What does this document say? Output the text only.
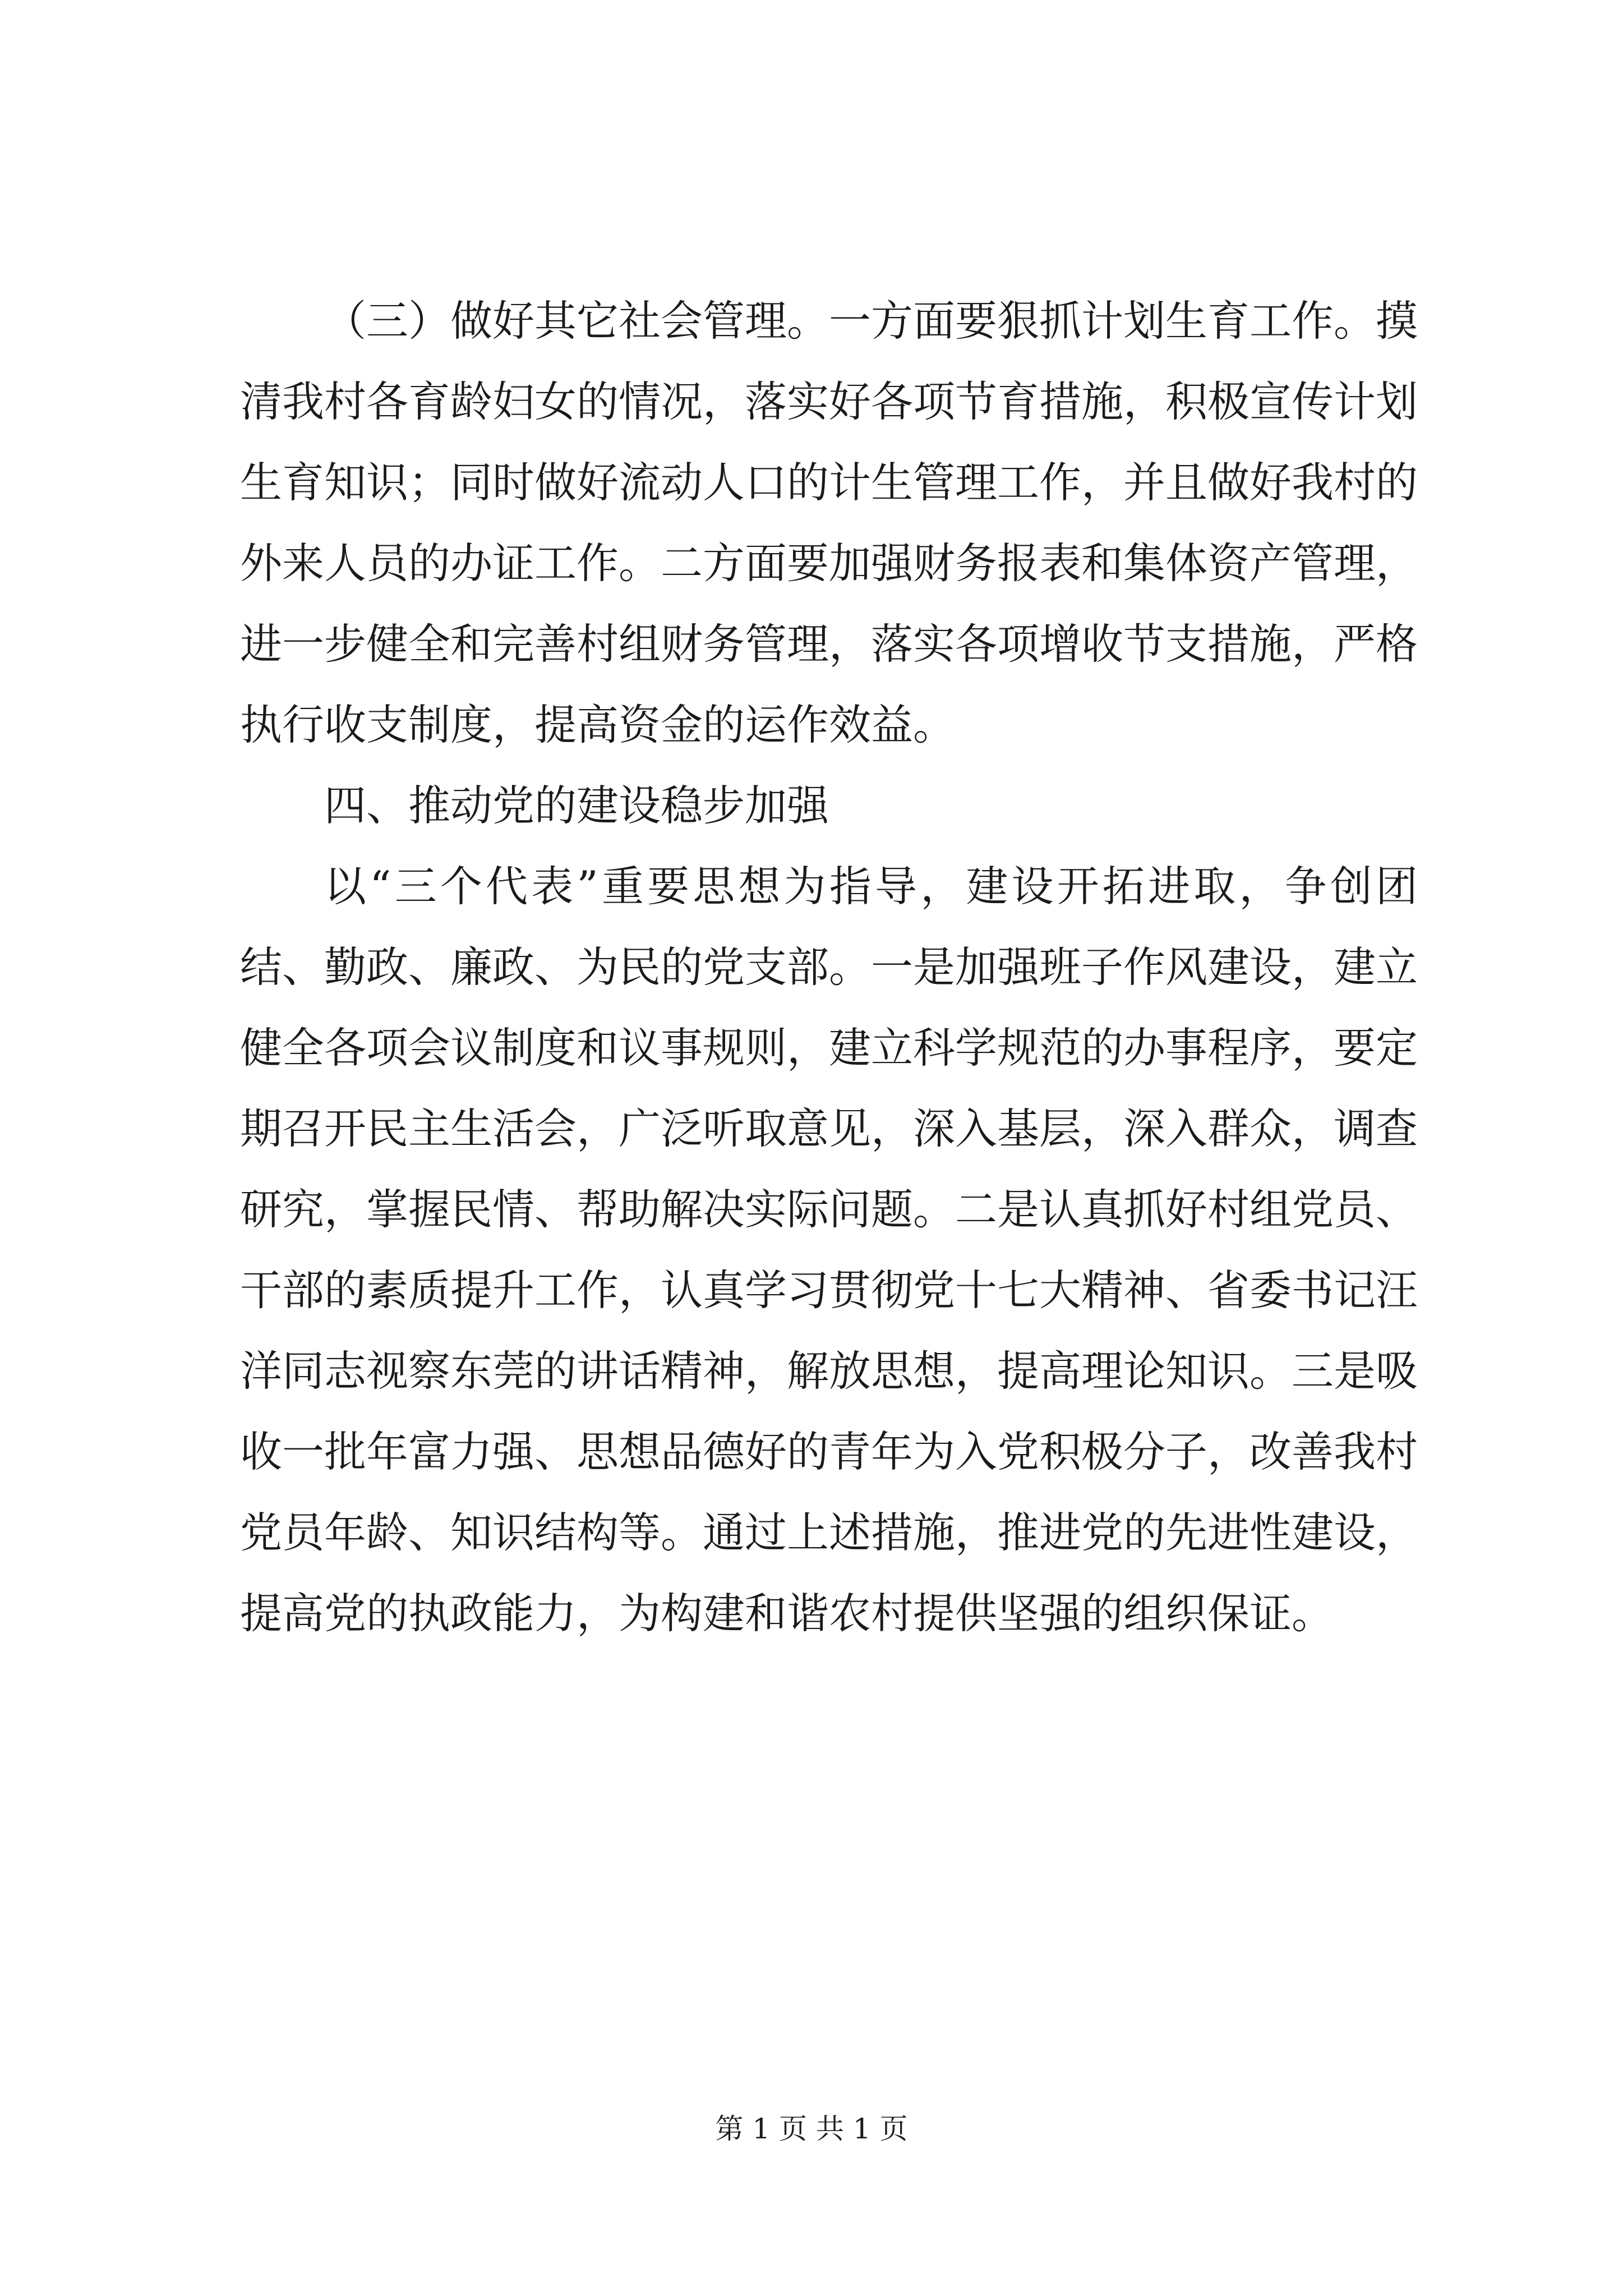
（三）做好其它社会管理。一方面要狠抓计划生育工作。摸清我村各育龄妇女的情况，落实好各项节育措施，积极宣传计划生育知识；同时做好流动人口的计生管理工作，并且做好我村的外来人员的办证工作。二方面要加强财务报表和集体资产管理，进一步健全和完善村组财务管理，落实各项增收节支措施，严格执行收支制度，提高资金的运作效益。

四、推动党的建设稳步加强

以“三个代表”重要思想为指导，建设开拓进取，争创团结、勤政、廉政、为民的党支部。一是加强班子作风建设，建立健全各项会议制度和议事规则，建立科学规范的办事程序，要定期召开民主生活会，广泛听取意见，深入基层，深入群众，调查研究，掌握民情、帮助解决实际问题。二是认真抓好村组党员、干部的素质提升工作，认真学习贯彻党十七大精神、省委书记汪洋同志视察东莞的讲话精神，解放思想，提高理论知识。三是吸收一批年富力强、思想品德好的青年为入党积极分子，改善我村党员年龄、知识结构等。通过上述措施，推进党的先进性建设，提高党的执政能力，为构建和谐农村提供坚强的组织保证。

第 1 页 共 1 页
